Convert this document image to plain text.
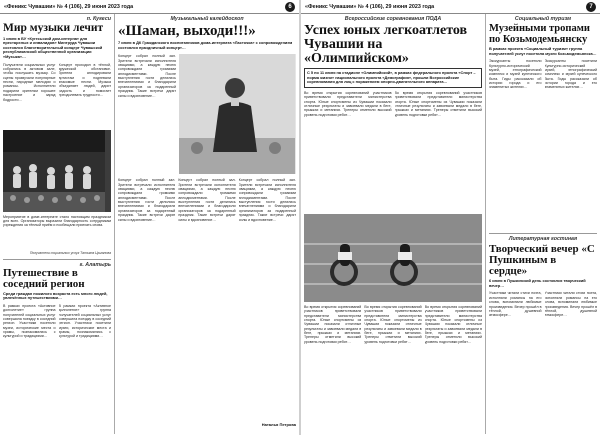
«Феникс Чувашии» № 4 (106), 29 июня 2023 года	6
п. Кугеси
Мир музыки лечит
1 июня в БУ «Кугесьский дом-интернат для престарелых и инвалидов» Минтруда Чувашии состоялся благотворительный концерт Чувашской республиканской общественной организации «Музыка»…
Получатели социальных услуг собрались в актовом зале, чтобы послушать музыку. Со сцены прозвучали популярные песни, народные мелодии и романсы. Исполнители подарили зрителям хорошее настроение и заряд бодрости…
Концерт проходил в тёплой, дружеской обстановке. Зрители аплодировали артистам и подпевали знакомые песни. Музыка объединяет людей, дарит радость и помогает преодолевать трудности…
Мероприятие в доме-интернате стало настоящим праздником для всех. Организаторы выразили благодарность сотрудникам учреждения за тёплый приём и пообещали приехать снова.
Получатели социальных услуг Татьяна Цыганова
г. Алатырь
Путешествие в соседний регион
Среди граждан пожилого возраста есть много людей, увлечённых путешествиями…
В рамках проекта «Активное долголетие» группа получателей социальных услуг совершила поездку в соседний регион. Участники посетили музеи, исторические места и храмы, познакомились с культурой и традициями…
В рамках проекта «Активное долголетие» группа получателей социальных услуг совершила поездку в соседний регион. Участники посетили музеи, исторические места и храмы, познакомились с культурой и традициями…
Музыкальный калейдоскоп
«Шаман, выходи!!!»
7 июня в ДК Гражданского воспитанников дома-интерната «Ласточка» с сопровождением состоялся праздничный концерт…
Концерт собрал полный зал. Зрители встречали исполнителя овациями, а каждую песню сопровождали громкими аплодисментами. После выступления гости делились впечатлениями и благодарили организаторов за подаренный праздник. Такие встречи дарят силы и вдохновение…
Концерт собрал полный зал. Зрители встречали исполнителя овациями, а каждую песню сопровождали громкими аплодисментами. После выступления гости делились впечатлениями и благодарили организаторов за подаренный праздник. Такие встречи дарят силы и вдохновение…
Концерт собрал полный зал. Зрители встречали исполнителя овациями, а каждую песню сопровождали громкими аплодисментами. После выступления гости делились впечатлениями и благодарили организаторов за подаренный праздник. Такие встречи дарят силы и вдохновение…
Концерт собрал полный зал. Зрители встречали исполнителя овациями, а каждую песню сопровождали громкими аплодисментами. После выступления гости делились впечатлениями и благодарили организаторов за подаренный праздник. Такие встречи дарят силы и вдохновение…
Наталья Петрова
«Феникс Чувашии» № 4 (106), 29 июня 2023 года	7
Всероссийские соревнования ПОДА
Успех юных легкоатлетов Чувашии на «Олимпийском»
С 5 по 11 июня на стадионе «Олимпийский», в рамках федерального проекта «Спорт – норма жизни» национального проекта «Демография», прошли Всероссийские соревнования для лиц с поражением опорно-двигательного аппарата…
Во время открытия соревнований участников приветствовали представители министерства спорта. Юные спортсмены из Чувашии показали отличные результаты и завоевали медали в беге, прыжках и метаниях. Тренеры отметили высокий уровень подготовки ребят…
Во время открытия соревнований участников приветствовали представители министерства спорта. Юные спортсмены из Чувашии показали отличные результаты и завоевали медали в беге, прыжках и метаниях. Тренеры отметили высокий уровень подготовки ребят…
Во время открытия соревнований участников приветствовали представители министерства спорта. Юные спортсмены из Чувашии показали отличные результаты и завоевали медали в беге, прыжках и метаниях. Тренеры отметили высокий уровень подготовки ребят…
Во время открытия соревнований участников приветствовали представители министерства спорта. Юные спортсмены из Чувашии показали отличные результаты и завоевали медали в беге, прыжках и метаниях. Тренеры отметили высокий уровень подготовки ребят…
Во время открытия соревнований участников приветствовали представители министерства спорта. Юные спортсмены из Чувашии показали отличные результаты и завоевали медали в беге, прыжках и метаниях. Тренеры отметили высокий уровень подготовки ребят…
Социальный туризм
Музейными тропами по Козьмодемьянску
В рамках проекта «Социальный туризм» группа получателей услуг посетила музеи Козьмодемьянска…
Экскурсанты посетили Культурно-исторический музей, этнографический комплекс и музей купеческого быта. Гиды рассказали об истории города и его знаменитых жителях…
Экскурсанты посетили Культурно-исторический музей, этнографический комплекс и музей купеческого быта. Гиды рассказали об истории города и его знаменитых жителях…
Литературная гостиная
Творческий вечер «С Пушкиным в сердце»
6 июня в Пушкинский день состоялся творческий вечер…
Участники читали стихи поэта, исполняли романсы на его слова, вспоминали любимые произведения. Вечер прошёл в тёплой, душевной атмосфере…
Участники читали стихи поэта, исполняли романсы на его слова, вспоминали любимые произведения. Вечер прошёл в тёплой, душевной атмосфере…
